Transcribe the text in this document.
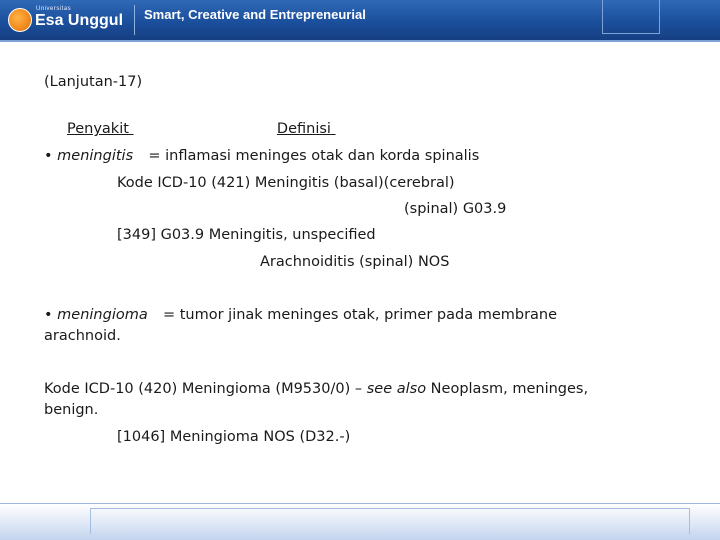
Universitas
Esa Unggul Smart, Creative and Entrepreneurial
(Lanjutan-17)
Penyakit	Definisi
• meningitis = inflamasi meninges otak dan korda spinalis
Kode ICD-10 (421) Meningitis (basal)(cerebral)
(spinal) G03.9
[349] G03.9 Meningitis, unspecified
Arachnoiditis (spinal) NOS
• meningioma = tumor jinak meninges otak, primer pada membrane
arachnoid.
Kode ICD-10 (420) Meningioma (M9530/0) – see also Neoplasm, meninges,
benign.
[1046] Meningioma NOS (D32.-)
